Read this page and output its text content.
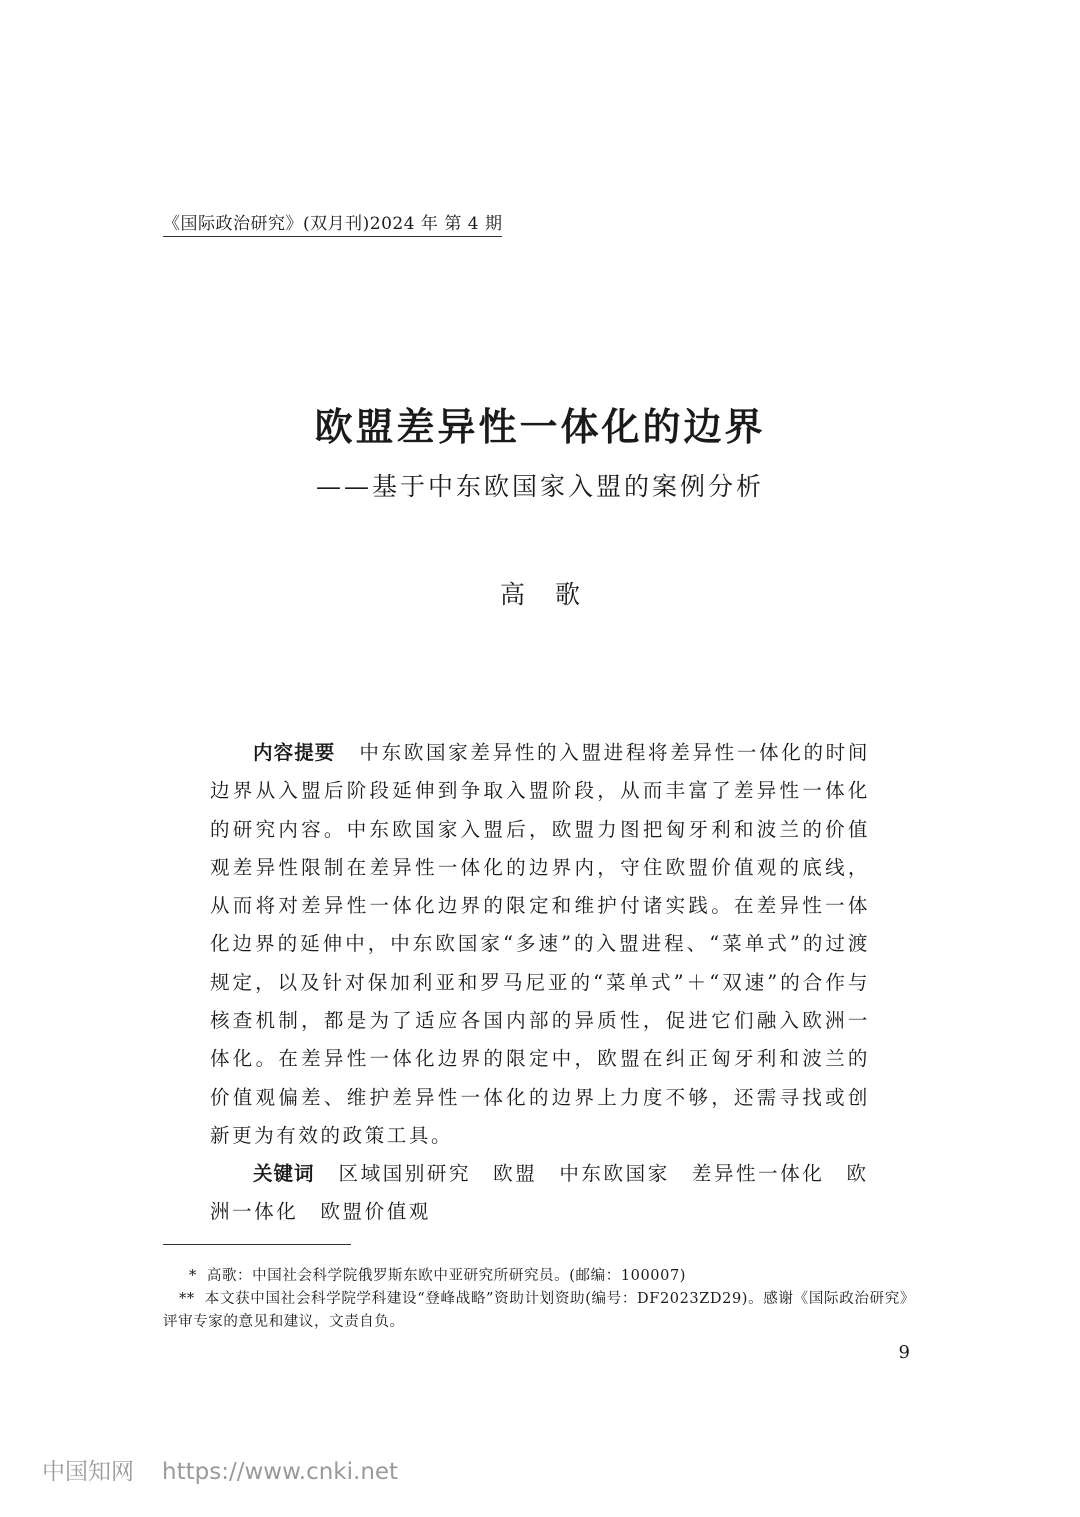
《国际政治研究》(双月刊)2024 年 第 4 期
欧盟差异性一体化的边界
——基于中东欧国家入盟的案例分析
高歌
内容提要 中东欧国家差异性的入盟进程将差异性一体化的时间边界从入盟后阶段延伸到争取入盟阶段，从而丰富了差异性一体化的研究内容。中东欧国家入盟后，欧盟力图把匈牙利和波兰的价值观差异性限制在差异性一体化的边界内，守住欧盟价值观的底线，从而将对差异性一体化边界的限定和维护付诸实践。在差异性一体化边界的延伸中，中东欧国家“多速”的入盟进程、“菜单式”的过渡规定，以及针对保加利亚和罗马尼亚的“菜单式”＋“双速”的合作与核查机制，都是为了适应各国内部的异质性，促进它们融入欧洲一体化。在差异性一体化边界的限定中，欧盟在纠正匈牙利和波兰的价值观偏差、维护差异性一体化的边界上力度不够，还需寻找或创新更为有效的政策工具。
关键词 区域国别研究 欧盟 中东欧国家 差异性一体化 欧洲一体化 欧盟价值观
* 高歌：中国社会科学院俄罗斯东欧中亚研究所研究员。(邮编：100007)
** 本文获中国社会科学院学科建设“登峰战略”资助计划资助(编号：DF2023ZD29)。感谢《国际政治研究》评审专家的意见和建议，文责自负。
9
中国知网 https://www.cnki.net
